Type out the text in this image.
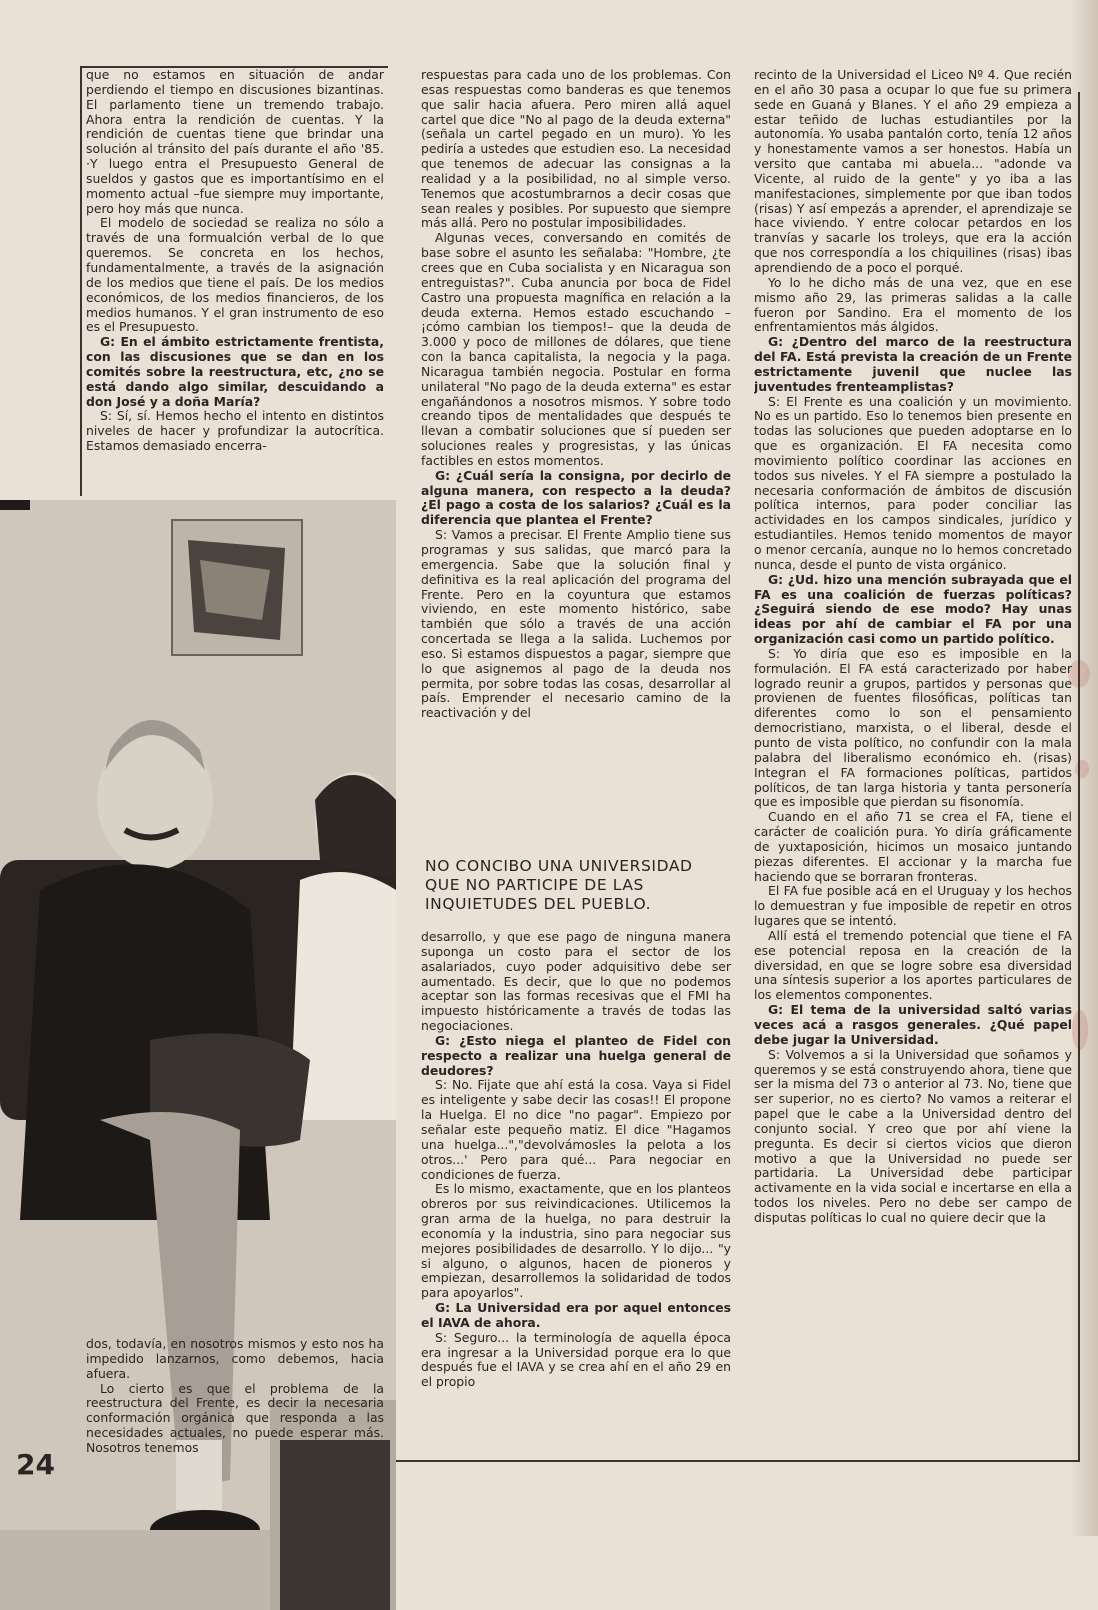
que no estamos en situación de andar perdiendo el tiempo en discusiones bizantinas. El parlamento tiene un tremendo trabajo. Ahora entra la rendición de cuentas. Y la rendición de cuentas tiene que brindar una solución al tránsito del país durante el año '85. ·Y luego entra el Presupuesto General de sueldos y gastos que es importantísimo en el momento actual –fue siempre muy importante, pero hoy más que nunca.

El modelo de sociedad se realiza no sólo a través de una formualción verbal de lo que queremos. Se concreta en los hechos, fundamentalmente, a través de la asignación de los medios que tiene el país. De los medios económicos, de los medios financieros, de los medios humanos. Y el gran instrumento de eso es el Presupuesto.

G: En el ámbito estrictamente frentista, con las discusiones que se dan en los comités sobre la reestructura, etc, ¿no se está dando algo similar, descuidando a don José y a doña María?

S: Sí, sí. Hemos hecho el intento en distintos niveles de hacer y profundizar la autocrítica. Estamos demasiado encerra-

dos, todavía, en nosotros mismos y esto nos ha impedido lanzarnos, como debemos, hacia afuera.

Lo cierto es que el problema de la reestructura del Frente, es decir la necesaria conformación orgánica que responda a las necesidades actuales, no puede esperar más. Nosotros tenemos

respuestas para cada uno de los problemas. Con esas respuestas como banderas es que tenemos que salir hacia afuera. Pero miren allá aquel cartel que dice "No al pago de la deuda externa" (señala un cartel pegado en un muro). Yo les pediría a ustedes que estudien eso. La necesidad que tenemos de adecuar las consignas a la realidad y a la posibilidad, no al simple verso. Tenemos que acostumbrarnos a decir cosas que sean reales y posibles. Por supuesto que siempre más allá. Pero no postular imposibilidades.

Algunas veces, conversando en comités de base sobre el asunto les señalaba: "Hombre, ¿te crees que en Cuba socialista y en Nicaragua son entreguistas?". Cuba anuncia por boca de Fidel Castro una propuesta magnífica en relación a la deuda externa. Hemos estado escuchando –¡cómo cambian los tiempos!– que la deuda de 3.000 y poco de millones de dólares, que tiene con la banca capitalista, la negocia y la paga. Nicaragua también negocia. Postular en forma unilateral "No pago de la deuda externa" es estar engañándonos a nosotros mismos. Y sobre todo creando tipos de mentalidades que después te llevan a combatir soluciones que sí pueden ser soluciones reales y progresistas, y las únicas factibles en estos momentos.

G: ¿Cuál sería la consigna, por decirlo de alguna manera, con respecto a la deuda? ¿El pago a costa de los salarios? ¿Cuál es la diferencia que plantea el Frente?

S: Vamos a precisar. El Frente Amplio tiene sus programas y sus salidas, que marcó para la emergencia. Sabe que la solución final y definitiva es la real aplicación del programa del Frente. Pero en la coyuntura que estamos viviendo, en este momento histórico, sabe también que sólo a través de una acción concertada se llega a la salida. Luchemos por eso. Si estamos dispuestos a pagar, siempre que lo que asignemos al pago de la deuda nos permita, por sobre todas las cosas, desarrollar al país. Emprender el necesario camino de la reactivación y del

NO CONCIBO UNA UNIVERSIDAD QUE NO PARTICIPE DE LAS INQUIETUDES DEL PUEBLO.

desarrollo, y que ese pago de ninguna manera suponga un costo para el sector de los asalariados, cuyo poder adquisitivo debe ser aumentado. Es decir, que lo que no podemos aceptar son las formas recesivas que el FMI ha impuesto históricamente a través de todas las negociaciones.

G: ¿Esto niega el planteo de Fidel con respecto a realizar una huelga general de deudores?

S: No. Fijate que ahí está la cosa. Vaya si Fidel es inteligente y sabe decir las cosas!! El propone la Huelga. El no dice "no pagar". Empiezo por señalar este pequeño matiz. El dice "Hagamos una huelga...","devolvámosles la pelota a los otros...' Pero para qué... Para negociar en condiciones de fuerza.

Es lo mismo, exactamente, que en los planteos obreros por sus reivindicaciones. Utilicemos la gran arma de la huelga, no para destruir la economía y la industria, sino para negociar sus mejores posibilidades de desarrollo. Y lo dijo... "y si alguno, o algunos, hacen de pioneros y empiezan, desarrollemos la solidaridad de todos para apoyarlos".

G: La Universidad era por aquel entonces el IAVA de ahora.

S: Seguro... la terminología de aquella época era ingresar a la Universidad porque era lo que después fue el IAVA y se crea ahí en el año 29 en el propio

recinto de la Universidad el Liceo Nº 4. Que recién en el año 30 pasa a ocupar lo que fue su primera sede en Guaná y Blanes. Y el año 29 empieza a estar teñido de luchas estudiantiles por la autonomía. Yo usaba pantalón corto, tenía 12 años y honestamente vamos a ser honestos. Había un versito que cantaba mi abuela... "adonde va Vicente, al ruido de la gente" y yo iba a las manifestaciones, simplemente por que iban todos (risas) Y así empezás a aprender, el aprendizaje se hace viviendo. Y entre colocar petardos en los tranvías y sacarle los troleys, que era la acción que nos correspondía a los chiquilines (risas) ibas aprendiendo de a poco el porqué.

Yo lo he dicho más de una vez, que en ese mismo año 29, las primeras salidas a la calle fueron por Sandino. Era el momento de los enfrentamientos más álgidos.

G: ¿Dentro del marco de la reestructura del FA. Está prevista la creación de un Frente estrictamente juvenil que nuclee las juventudes frenteamplistas?

S: El Frente es una coalición y un movimiento. No es un partido. Eso lo tenemos bien presente en todas las soluciones que pueden adoptarse en lo que es organización. El FA necesita como movimiento político coordinar las acciones en todos sus niveles. Y el FA siempre a postulado la necesaria conformación de ámbitos de discusión política internos, para poder conciliar las actividades en los campos sindicales, jurídico y estudiantiles. Hemos tenido momentos de mayor o menor cercanía, aunque no lo hemos concretado nunca, desde el punto de vista orgánico.

G: ¿Ud. hizo una mención subrayada que el FA es una coalición de fuerzas políticas? ¿Seguirá siendo de ese modo? Hay unas ideas por ahí de cambiar el FA por una organización casi como un partido político.

S: Yo diría que eso es imposible en la formulación. El FA está caracterizado por haber logrado reunir a grupos, partidos y personas que provienen de fuentes filosóficas, políticas tan diferentes como lo son el pensamiento democristiano, marxista, o el liberal, desde el punto de vista político, no confundir con la mala palabra del liberalismo económico eh. (risas) Integran el FA formaciones políticas, partidos políticos, de tan larga historia y tanta personería que es imposible que pierdan su fisonomía.

Cuando en el año 71 se crea el FA, tiene el carácter de coalición pura. Yo diría gráficamente de yuxtaposición, hicimos un mosaico juntando piezas diferentes. El accionar y la marcha fue haciendo que se borraran fronteras.

El FA fue posible acá en el Uruguay y los hechos lo demuestran y fue imposible de repetir en otros lugares que se intentó.

Allí está el tremendo potencial que tiene el FA ese potencial reposa en la creación de la diversidad, en que se logre sobre esa diversidad una síntesis superior a los aportes particulares de los elementos componentes.

G: El tema de la universidad saltó varias veces acá a rasgos generales. ¿Qué papel debe jugar la Universidad.

S: Volvemos a si la Universidad que soñamos y queremos y se está construyendo ahora, tiene que ser la misma del 73 o anterior al 73. No, tiene que ser superior, no es cierto? No vamos a reiterar el papel que le cabe a la Universidad dentro del conjunto social. Y creo que por ahí viene la pregunta. Es decir si ciertos vicios que dieron motivo a que la Universidad no puede ser partidaria. La Universidad debe participar activamente en la vida social e incertarse en ella a todos los niveles. Pero no debe ser campo de disputas políticas lo cual no quiere decir que la

24
